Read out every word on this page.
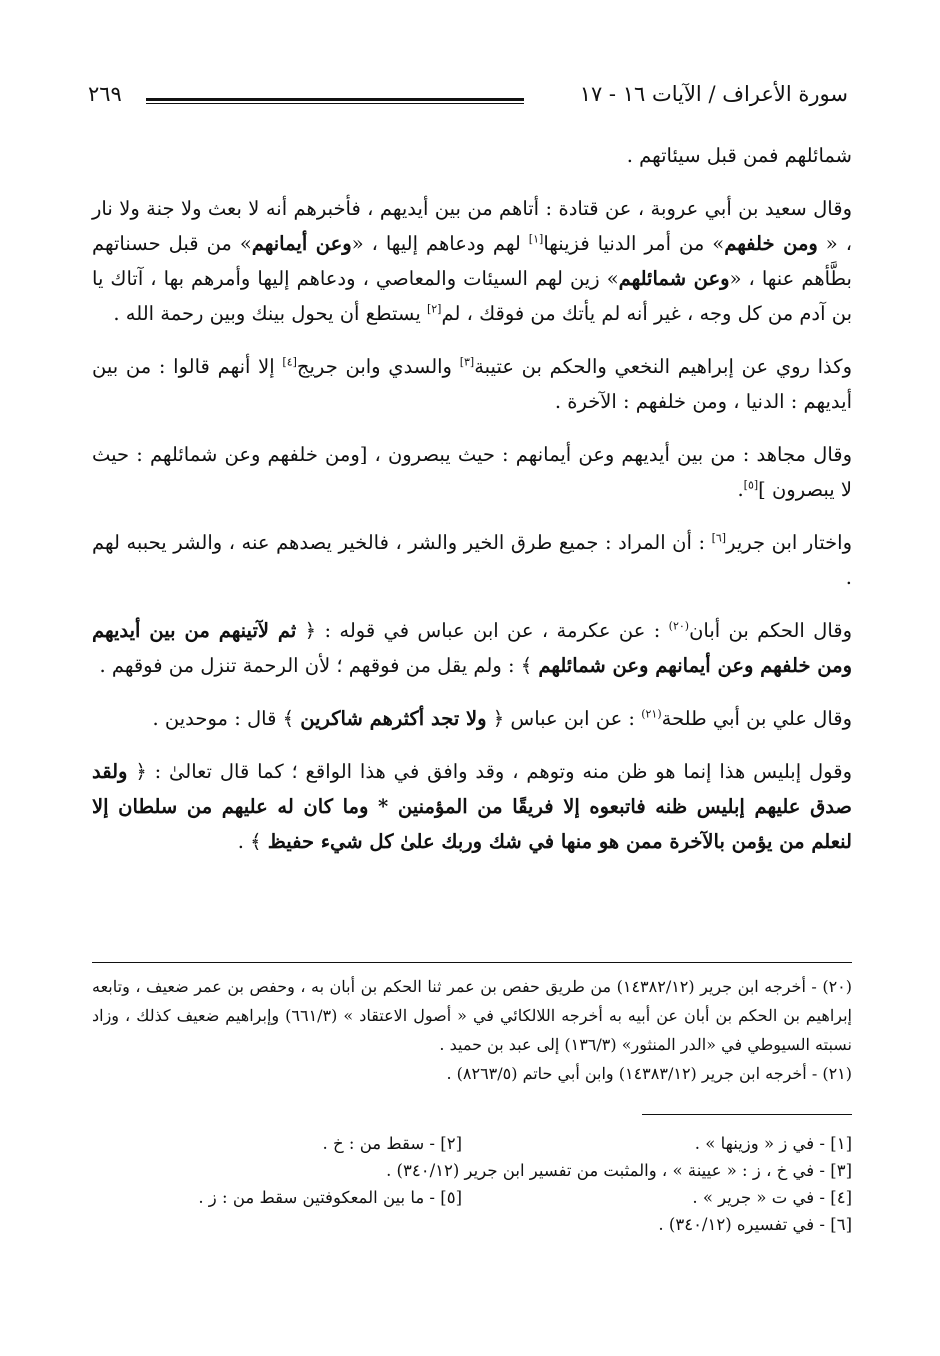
سورة الأعراف / الآيات ١٦ - ١٧
٢٦٩

شمائلهم فمن قبل سيئاتهم .

وقال سعيد بن أبي عروبة ، عن قتادة : أتاهم من بين أيديهم ، فأخبرهم أنه لا بعث ولا جنة ولا نار ، « ومن خلفهم» من أمر الدنيا فزينها[١] لهم ودعاهم إليها ، «وعن أيمانهم» من قبل حسناتهم بطَّأهم عنها ، «وعن شمائلهم» زين لهم السيئات والمعاصي ، ودعاهم إليها وأمرهم بها ، آتاك يا بن آدم من كل وجه ، غير أنه لم يأتك من فوقك ، لم[٢] يستطع أن يحول بينك وبين رحمة الله .

وكذا روي عن إبراهيم النخعي والحكم بن عتيبة[٣] والسدي وابن جريج[٤] إلا أنهم قالوا : من بين أيديهم : الدنيا ، ومن خلفهم : الآخرة .

وقال مجاهد : من بين أيديهم وعن أيمانهم : حيث يبصرون ، [ومن خلفهم وعن شمائلهم : حيث لا يبصرون ][٥].

واختار ابن جرير[٦] : أن المراد : جميع طرق الخير والشر ، فالخير يصدهم عنه ، والشر يحببه لهم .

وقال الحكم بن أبان$^{(٢٠)}$ : عن عكرمة ، عن ابن عباس في قوله : ﴿ ثم لآتينهم من بين أيديهم ومن خلفهم وعن أيمانهم وعن شمائلهم ﴾ : ولم يقل من فوقهم ؛ لأن الرحمة تنزل من فوقهم .

وقال علي بن أبي طلحة$^{(٢١)}$ : عن ابن عباس ﴿ ولا تجد أكثرهم شاكرين ﴾ قال : موحدين .

وقول إبليس هذا إنما هو ظن منه وتوهم ، وقد وافق في هذا الواقع ؛ كما قال تعالىٰ : ﴿ ولقد صدق عليهم إبليس ظنه فاتبعوه إلا فريقًا من المؤمنين * وما كان له عليهم من سلطان إلا لنعلم من يؤمن بالآخرة ممن هو منها في شك وربك علىٰ كل شيء حفيظ ﴾ .

(٢٠) - أخرجه ابن جرير (١٤٣٨٢/١٢) من طريق حفص بن عمر ثنا الحكم بن أبان به ، وحفص بن عمر ضعيف ، وتابعه إبراهيم بن الحكم بن أبان عن أبيه به أخرجه اللالكائي في « أصول الاعتقاد » (٦٦١/٣) وإبراهيم ضعيف كذلك ، وزاد نسبته السيوطي في «الدر المنثور» (١٣٦/٣) إلى عبد بن حميد .

(٢١) - أخرجه ابن جرير (١٤٣٨٣/١٢) وابن أبي حاتم (٨٢٦٣/٥) .

[١] - في ز « وزينها » .
[٢] - سقط من : خ .
[٣] - في خ ، ز : « عيينة » ، والمثبت من تفسير ابن جرير (٣٤٠/١٢) .
[٤] - في ت « جرير » .
[٥] - ما بين المعكوفتين سقط من : ز .
[٦] - في تفسيره (٣٤٠/١٢) .
